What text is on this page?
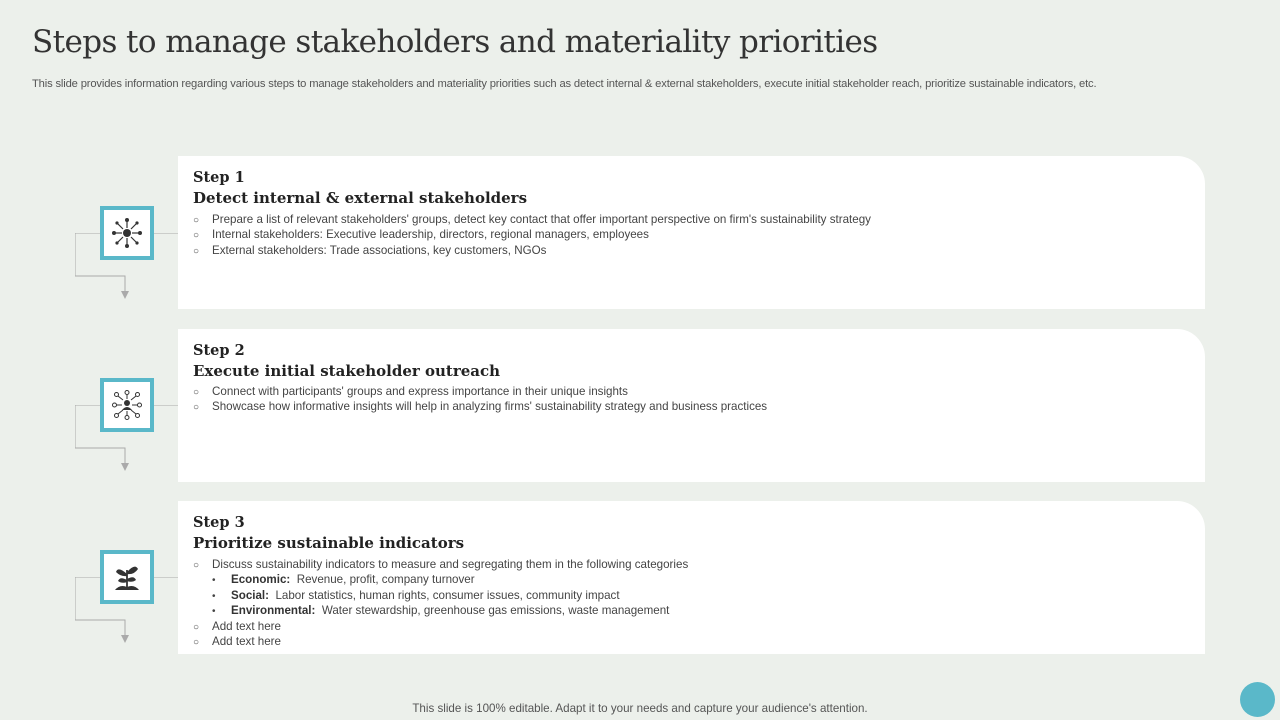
Steps to manage stakeholders and materiality priorities
This slide provides information regarding various steps to manage stakeholders and materiality priorities such as detect internal & external stakeholders, execute initial stakeholder reach, prioritize sustainable indicators, etc.
Step 1
Detect internal & external stakeholders
○ Prepare a list of relevant stakeholders' groups, detect key contact that offer important perspective on firm's sustainability strategy
○ Internal stakeholders: Executive leadership, directors, regional managers, employees
○ External stakeholders: Trade associations, key customers, NGOs
Step 2
Execute initial stakeholder outreach
○ Connect with participants' groups and express importance in their unique insights
○ Showcase how informative insights will help in analyzing firms' sustainability strategy and business practices
Step 3
Prioritize sustainable indicators
○ Discuss sustainability indicators to measure and segregating them in the following categories
• Economic: Revenue, profit, company turnover
• Social: Labor statistics, human rights, consumer issues, community impact
• Environmental: Water stewardship, greenhouse gas emissions, waste management
○ Add text here
○ Add text here
This slide is 100% editable. Adapt it to your needs and capture your audience's attention.
